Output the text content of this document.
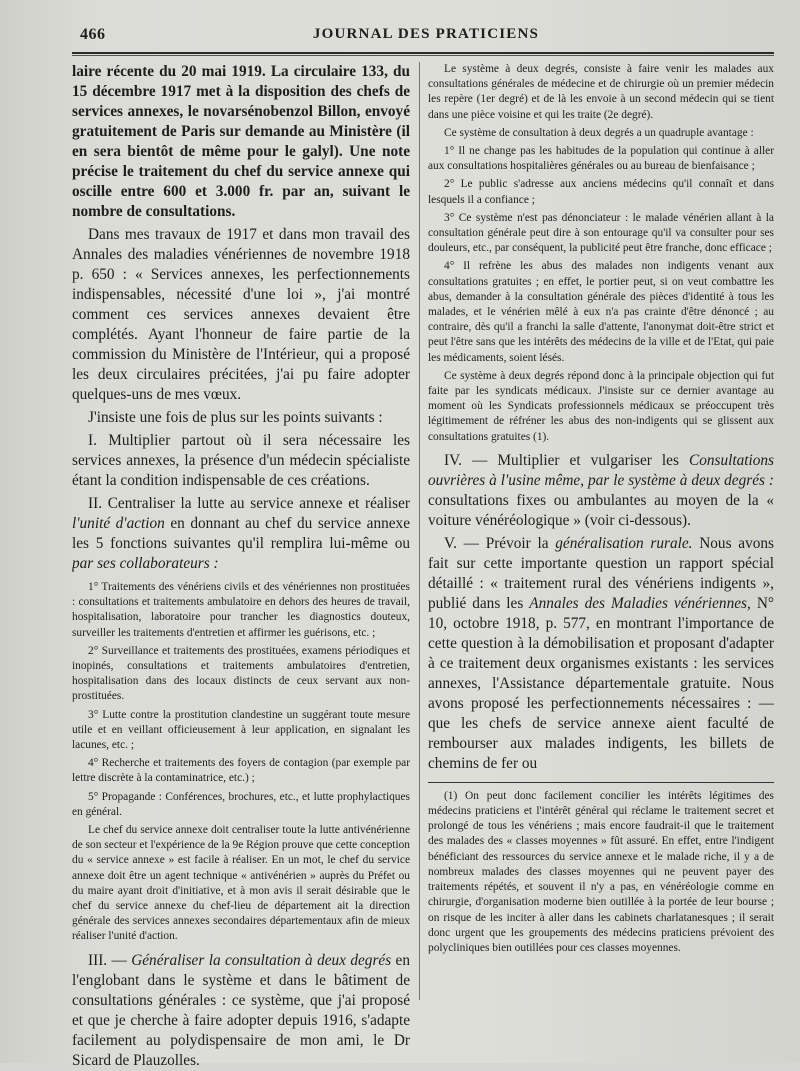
466	JOURNAL DES PRATICIENS

laire récente du 20 mai 1919. La circulaire 133, du 15 décembre 1917 met à la disposition des chefs de services annexes, le novarsénobenzol Billon, envoyé gratuitement de Paris sur demande au Ministère (il en sera bientôt de même pour le galyl). Une note précise le traitement du chef du service annexe qui oscille entre 600 et 3.000 fr. par an, suivant le nombre de consultations.

Dans mes travaux de 1917 et dans mon travail des Annales des maladies vénériennes de novembre 1918 p. 650 : « Services annexes, les perfectionnements indispensables, nécessité d'une loi », j'ai montré comment ces services annexes devaient être complétés. Ayant l'honneur de faire partie de la commission du Ministère de l'Intérieur, qui a proposé les deux circulaires précitées, j'ai pu faire adopter quelques-uns de mes vœux.

J'insiste une fois de plus sur les points suivants :

I. Multiplier partout où il sera nécessaire les services annexes, la présence d'un médecin spécialiste étant la condition indispensable de ces créations.

II. Centraliser la lutte au service annexe et réaliser l'unité d'action en donnant au chef du service annexe les 5 fonctions suivantes qu'il remplira lui-même ou par ses collaborateurs :

1° Traitements des vénériens civils et des vénériennes non prostituées : consultations et traitements ambulatoire en dehors des heures de travail, hospitalisation, laboratoire pour trancher les diagnostics douteux, surveiller les traitements d'entretien et affirmer les guérisons, etc. ;

2° Surveillance et traitements des prostituées, examens périodiques et inopinés, consultations et traitements ambulatoires d'entretien, hospitalisation dans des locaux distincts de ceux servant aux non-prostituées.

3° Lutte contre la prostitution clandestine un suggérant toute mesure utile et en veillant officieusement à leur application, en signalant les lacunes, etc. ;

4° Recherche et traitements des foyers de contagion (par exemple par lettre discrète à la contaminatrice, etc.) ;

5° Propagande : Conférences, brochures, etc., et lutte prophylactiques en général.

Le chef du service annexe doit centraliser toute la lutte antivénérienne de son secteur et l'expérience de la 9e Région prouve que cette conception du « service annexe » est facile à réaliser. En un mot, le chef du service annexe doit être un agent technique « antivénérien » auprès du Préfet ou du maire ayant droit d'initiative, et à mon avis il serait désirable que le chef du service annexe du chef-lieu de département ait la direction générale des services annexes secondaires départementaux afin de mieux réaliser l'unité d'action.

III. — Généraliser la consultation à deux degrés en l'englobant dans le système et dans le bâtiment de consultations générales : ce système, que j'ai proposé et que je cherche à faire adopter depuis 1916, s'adapte facilement au polydispensaire de mon ami, le Dr Sicard de Plauzolles.

Le système à deux degrés, consiste à faire venir les malades aux consultations générales de médecine et de chirurgie où un premier médecin les repère (1er degré) et de là les envoie à un second médecin qui se tient dans une pièce voisine et qui les traite (2e degré).

Ce système de consultation à deux degrés a un quadruple avantage :

1° Il ne change pas les habitudes de la population qui continue à aller aux consultations hospitalières générales ou au bureau de bienfaisance ;

2° Le public s'adresse aux anciens médecins qu'il connaît et dans lesquels il a confiance ;

3° Ce système n'est pas dénonciateur : le malade vénérien allant à la consultation générale peut dire à son entourage qu'il va consulter pour ses douleurs, etc., par conséquent, la publicité peut être franche, donc efficace ;

4° Il refrène les abus des malades non indigents venant aux consultations gratuites ; en effet, le portier peut, si on veut combattre les abus, demander à la consultation générale des pièces d'identité à tous les malades, et le vénérien mêlé à eux n'a pas crainte d'être dénoncé ; au contraire, dès qu'il a franchi la salle d'attente, l'anonymat doit-être strict et peut l'être sans que les intérêts des médecins de la ville et de l'Etat, qui paie les médicaments, soient lésés.

Ce système à deux degrés répond donc à la principale objection qui fut faite par les syndicats médicaux. J'insiste sur ce dernier avantage au moment où les Syndicats professionnels médicaux se préoccupent très légitimement de réfréner les abus des non-indigents qui se glissent aux consultations gratuites (1).

IV. — Multiplier et vulgariser les Consultations ouvrières à l'usine même, par le système à deux degrés : consultations fixes ou ambulantes au moyen de la « voiture vénéréologique » (voir ci-dessous).

V. — Prévoir la généralisation rurale. Nous avons fait sur cette importante question un rapport spécial détaillé : « traitement rural des vénériens indigents », publié dans les Annales des Maladies vénériennes, N° 10, octobre 1918, p. 577, en montrant l'importance de cette question à la démobilisation et proposant d'adapter à ce traitement deux organismes existants : les services annexes, l'Assistance départementale gratuite. Nous avons proposé les perfectionnements nécessaires : — que les chefs de service annexe aient faculté de rembourser aux malades indigents, les billets de chemins de fer ou

(1) On peut donc facilement concilier les intérêts légitimes des médecins praticiens et l'intérêt général qui réclame le traitement secret et prolongé de tous les vénériens ; mais encore faudrait-il que le traitement des malades des « classes moyennes » fût assuré. En effet, entre l'indigent bénéficiant des ressources du service annexe et le malade riche, il y a de nombreux malades des classes moyennes qui ne peuvent payer des traitements répétés, et souvent il n'y a pas, en vénéréologie comme en chirurgie, d'organisation moderne bien outillée à la portée de leur bourse ; on risque de les inciter à aller dans les cabinets charlatanesques ; il serait donc urgent que les groupements des médecins praticiens prévoient des polycliniques bien outillées pour ces classes moyennes.
